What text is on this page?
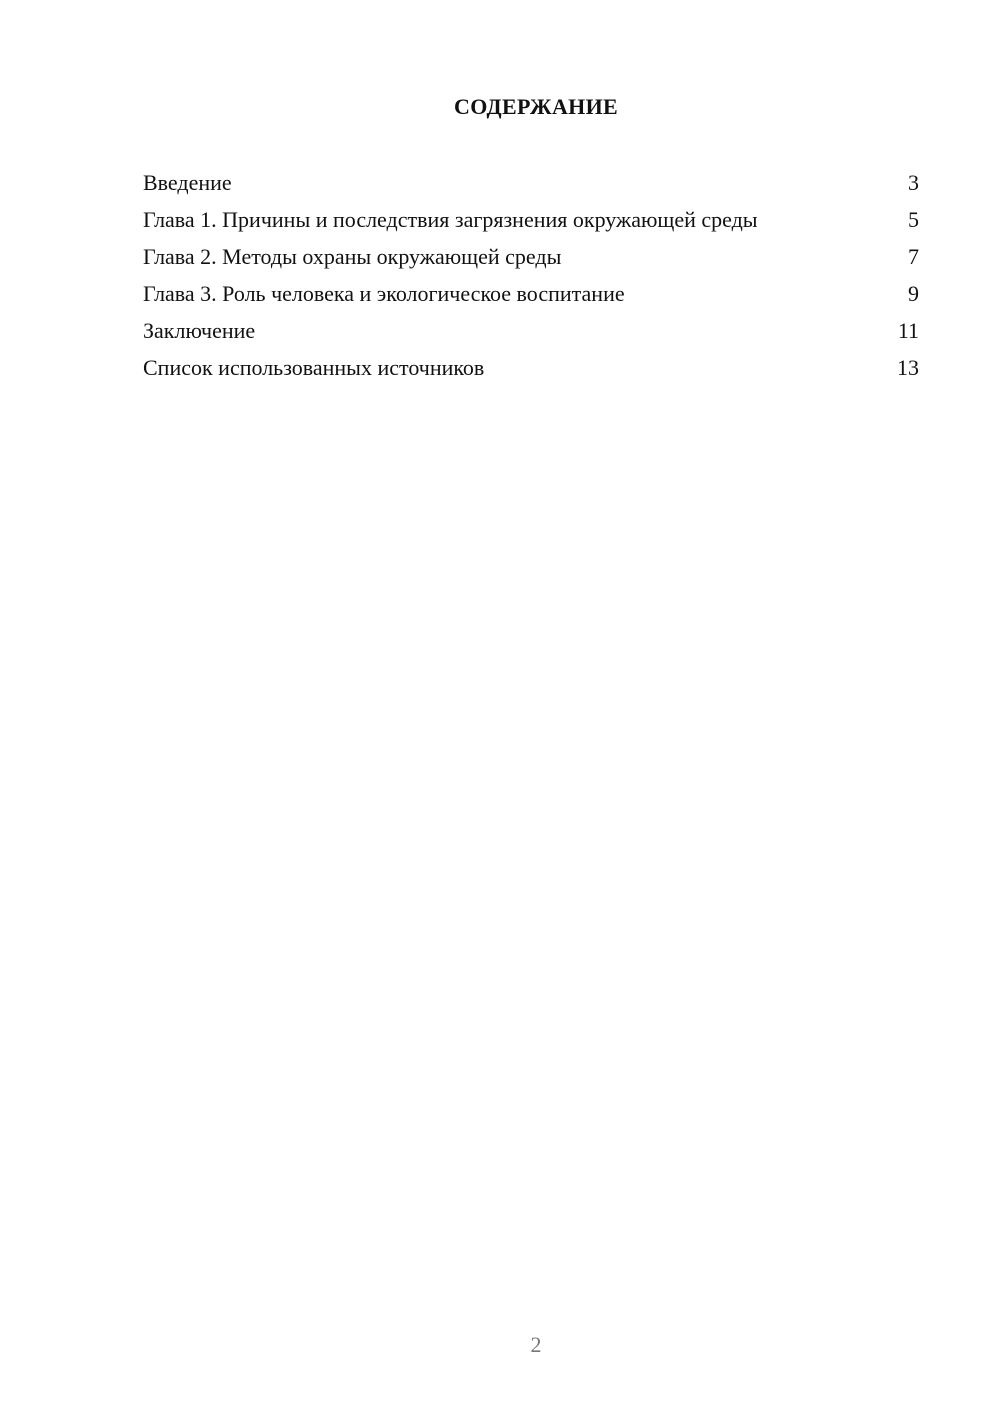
СОДЕРЖАНИЕ
Введение	3
Глава 1. Причины и последствия загрязнения окружающей среды	5
Глава 2. Методы охраны окружающей среды	7
Глава 3. Роль человека и экологическое воспитание	9
Заключение	11
Список использованных источников	13
2
